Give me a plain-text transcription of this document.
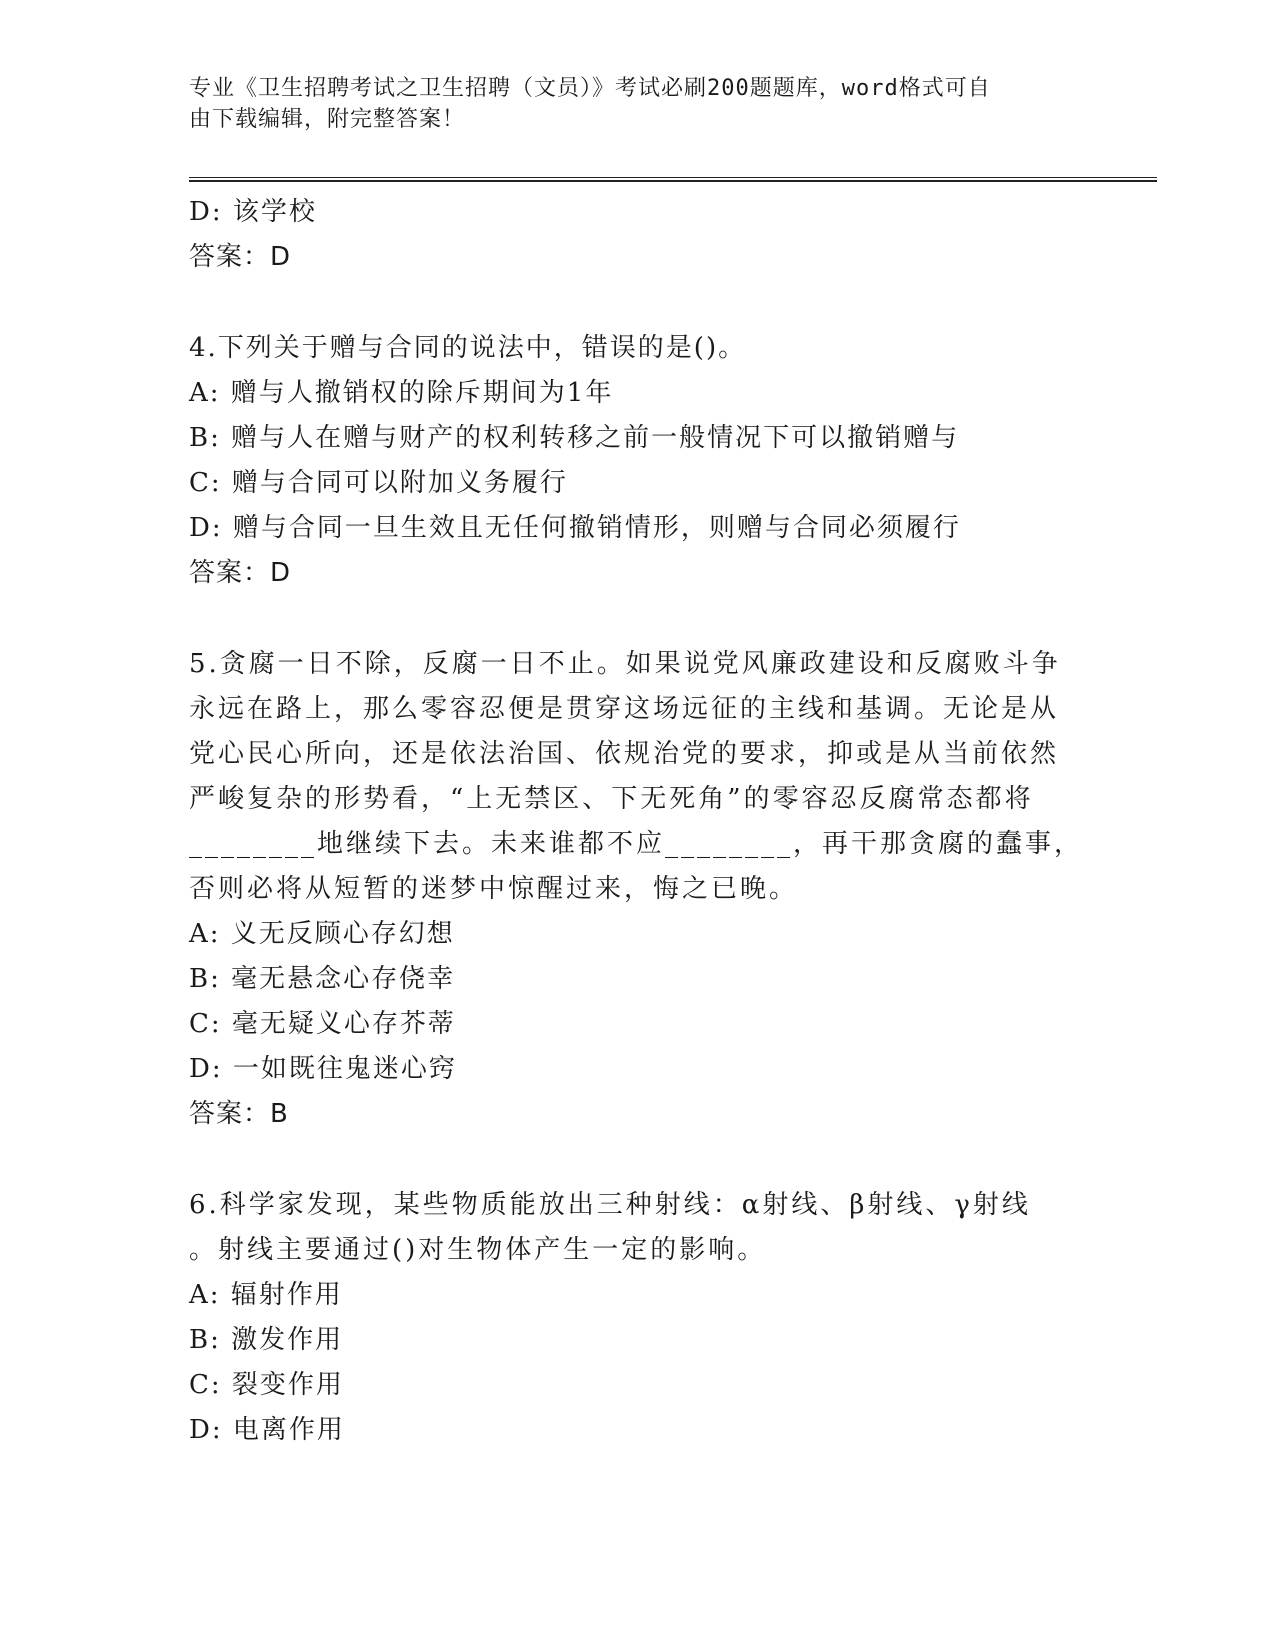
专业《卫生招聘考试之卫生招聘（文员）》考试必刷200题题库，word格式可自
由下载编辑，附完整答案！
D: 该学校
答案：D
4.下列关于赠与合同的说法中，错误的是()。
A: 赠与人撤销权的除斥期间为1年
B: 赠与人在赠与财产的权利转移之前一般情况下可以撤销赠与
C: 赠与合同可以附加义务履行
D: 赠与合同一旦生效且无任何撤销情形，则赠与合同必须履行
答案：D
5.贪腐一日不除，反腐一日不止。如果说党风廉政建设和反腐败斗争
永远在路上，那么零容忍便是贯穿这场远征的主线和基调。无论是从
党心民心所向，还是依法治国、依规治党的要求，抑或是从当前依然
严峻复杂的形势看，“上无禁区、下无死角”的零容忍反腐常态都将
________地继续下去。未来谁都不应________，再干那贪腐的蠢事，
否则必将从短暂的迷梦中惊醒过来，悔之已晚。
A: 义无反顾心存幻想
B: 毫无悬念心存侥幸
C: 毫无疑义心存芥蒂
D: 一如既往鬼迷心窍
答案：B
6.科学家发现，某些物质能放出三种射线：α射线、β射线、γ射线
。射线主要通过()对生物体产生一定的影响。
A: 辐射作用
B: 激发作用
C: 裂变作用
D: 电离作用
